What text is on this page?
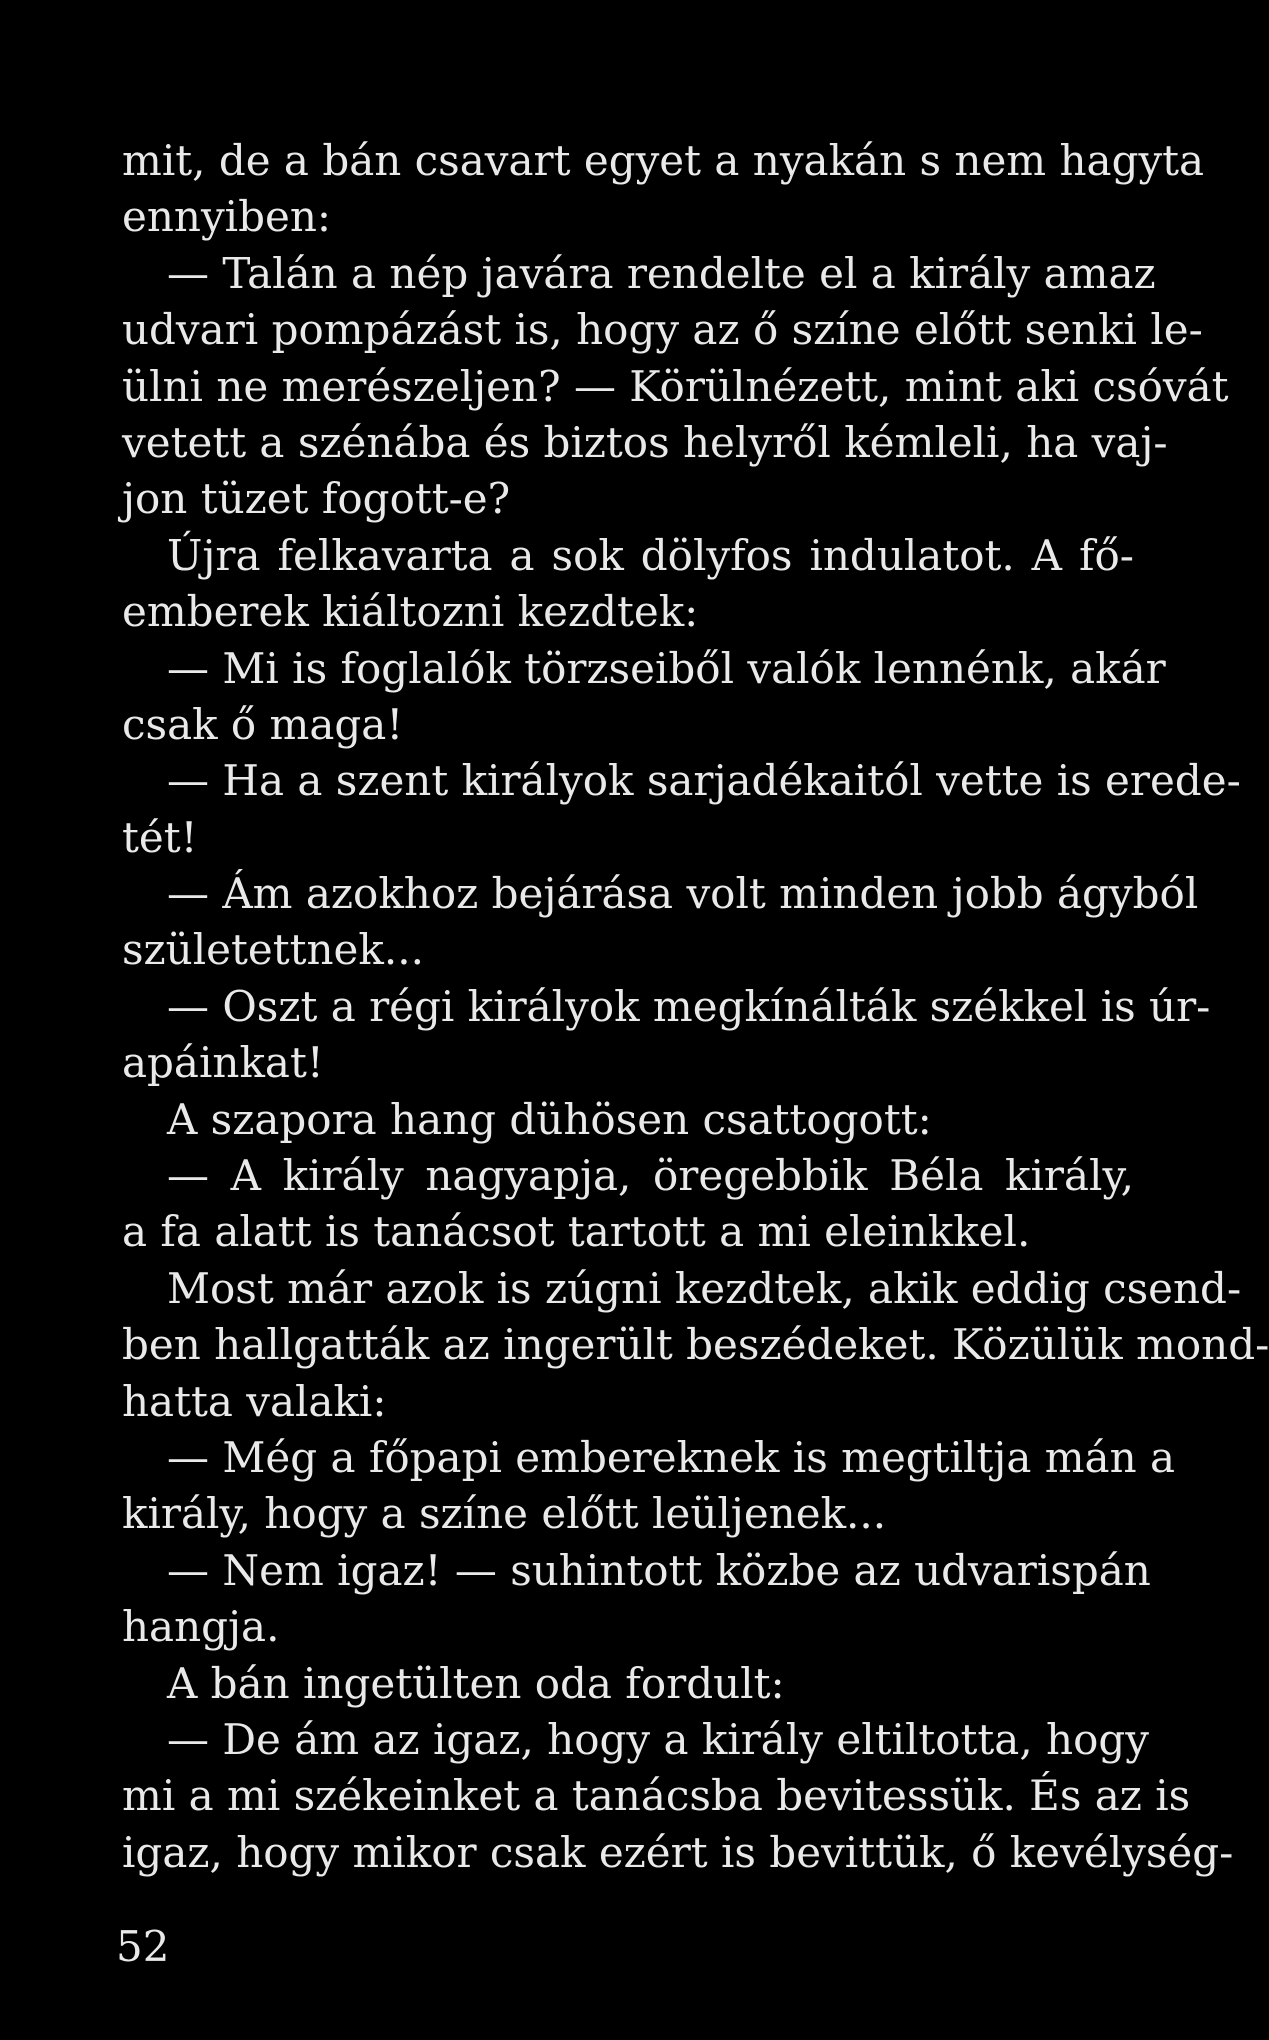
mit, de a bán csavart egyet a nyakán s nem hagyta
ennyiben:
— Talán a nép javára rendelte el a király amaz
udvari pompázást is, hogy az ő színe előtt senki le-
ülni ne merészeljen? — Körülnézett, mint aki csóvát
vetett a szénába és biztos helyről kémleli, ha vaj-
jon tüzet fogott-e?
Újra felkavarta a sok dölyfos indulatot. A fő-
emberek kiáltozni kezdtek:
— Mi is foglalók törzseiből valók lennénk, akár
csak ő maga!
— Ha a szent királyok sarjadékaitól vette is erede-
tét!
— Ám azokhoz bejárása volt minden jobb ágyból
születettnek...
— Oszt a régi királyok megkínálták székkel is úr-
apáinkat!
A szapora hang dühösen csattogott:
— A király nagyapja, öregebbik Béla király,
a fa alatt is tanácsot tartott a mi eleinkkel.
Most már azok is zúgni kezdtek, akik eddig csend-
ben hallgatták az ingerült beszédeket. Közülük mond-
hatta valaki:
— Még a főpapi embereknek is megtiltja mán a
király, hogy a színe előtt leüljenek...
— Nem igaz! — suhintott közbe az udvarispán
hangja.
A bán ingetülten oda fordult:
— De ám az igaz, hogy a király eltiltotta, hogy
mi a mi székeinket a tanácsba bevitessük. És az is
igaz, hogy mikor csak ezért is bevittük, ő kevélység-
52
